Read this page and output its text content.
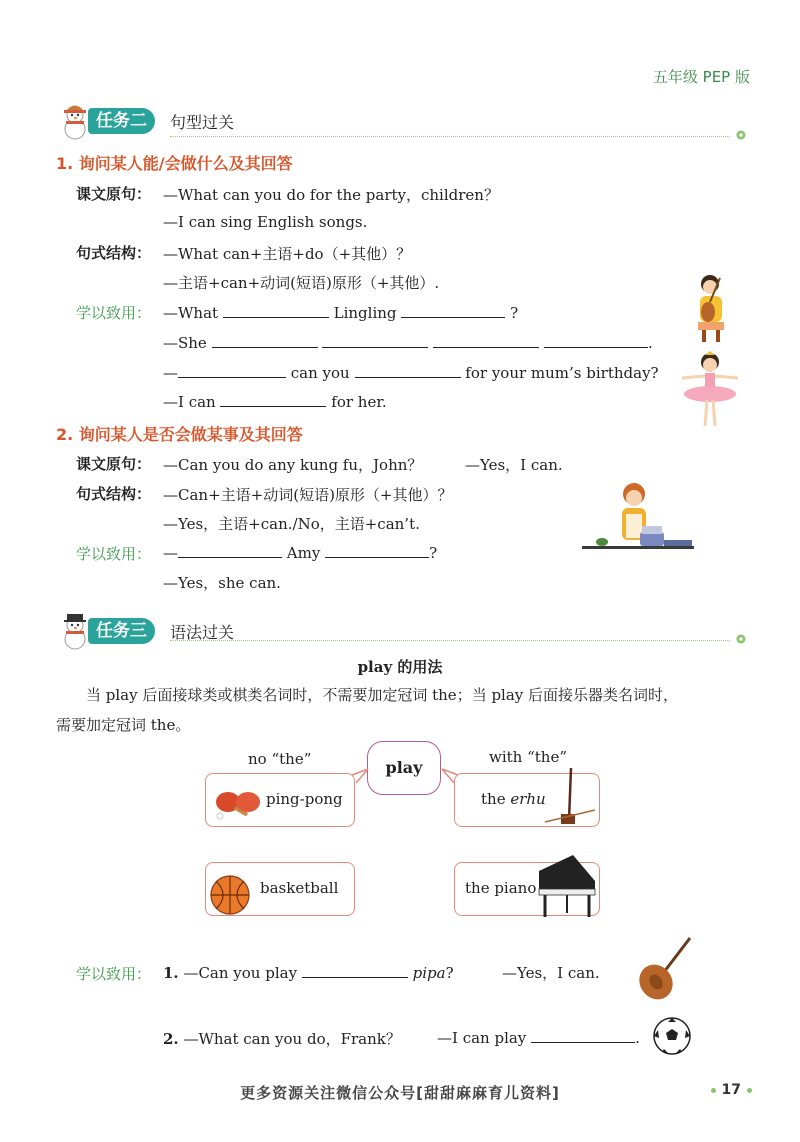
五年级 PEP 版
任务二	句型过关
1. 询问某人能/会做什么及其回答
课文原句： —What can you do for the party，children？
—I can sing English songs.
句式结构： —What can+主语+do（+其他）？
—主语+can+动词(短语)原形（+其他）.
学以致用： —What	Lingling	?
—She	.
—	can you	for your mum’s birthday?
—I can	for her.
2. 询问某人是否会做某事及其回答
课文原句： —Can you do any kung fu，John？	—Yes，I can.
句式结构： —Can+主语+动词(短语)原形（+其他）？
—Yes，主语+can./No，主语+can’t.
学以致用： —	Amy	?
—Yes，she can.
任务三	语法过关
play 的用法
当 play 后面接球类或棋类名词时，不需要加定冠词 the；当 play 后面接乐器类名词时，
需要加定冠词 the。
no “the”	with “the”
play
ping-pong
basketball
the erhu
the piano
学以致用： 1. —Can you play	pipa?	—Yes，I can.
2. —What can you do，Frank？ —I can play	.
更多资源关注微信公众号[甜甜麻麻育儿资料]	17
